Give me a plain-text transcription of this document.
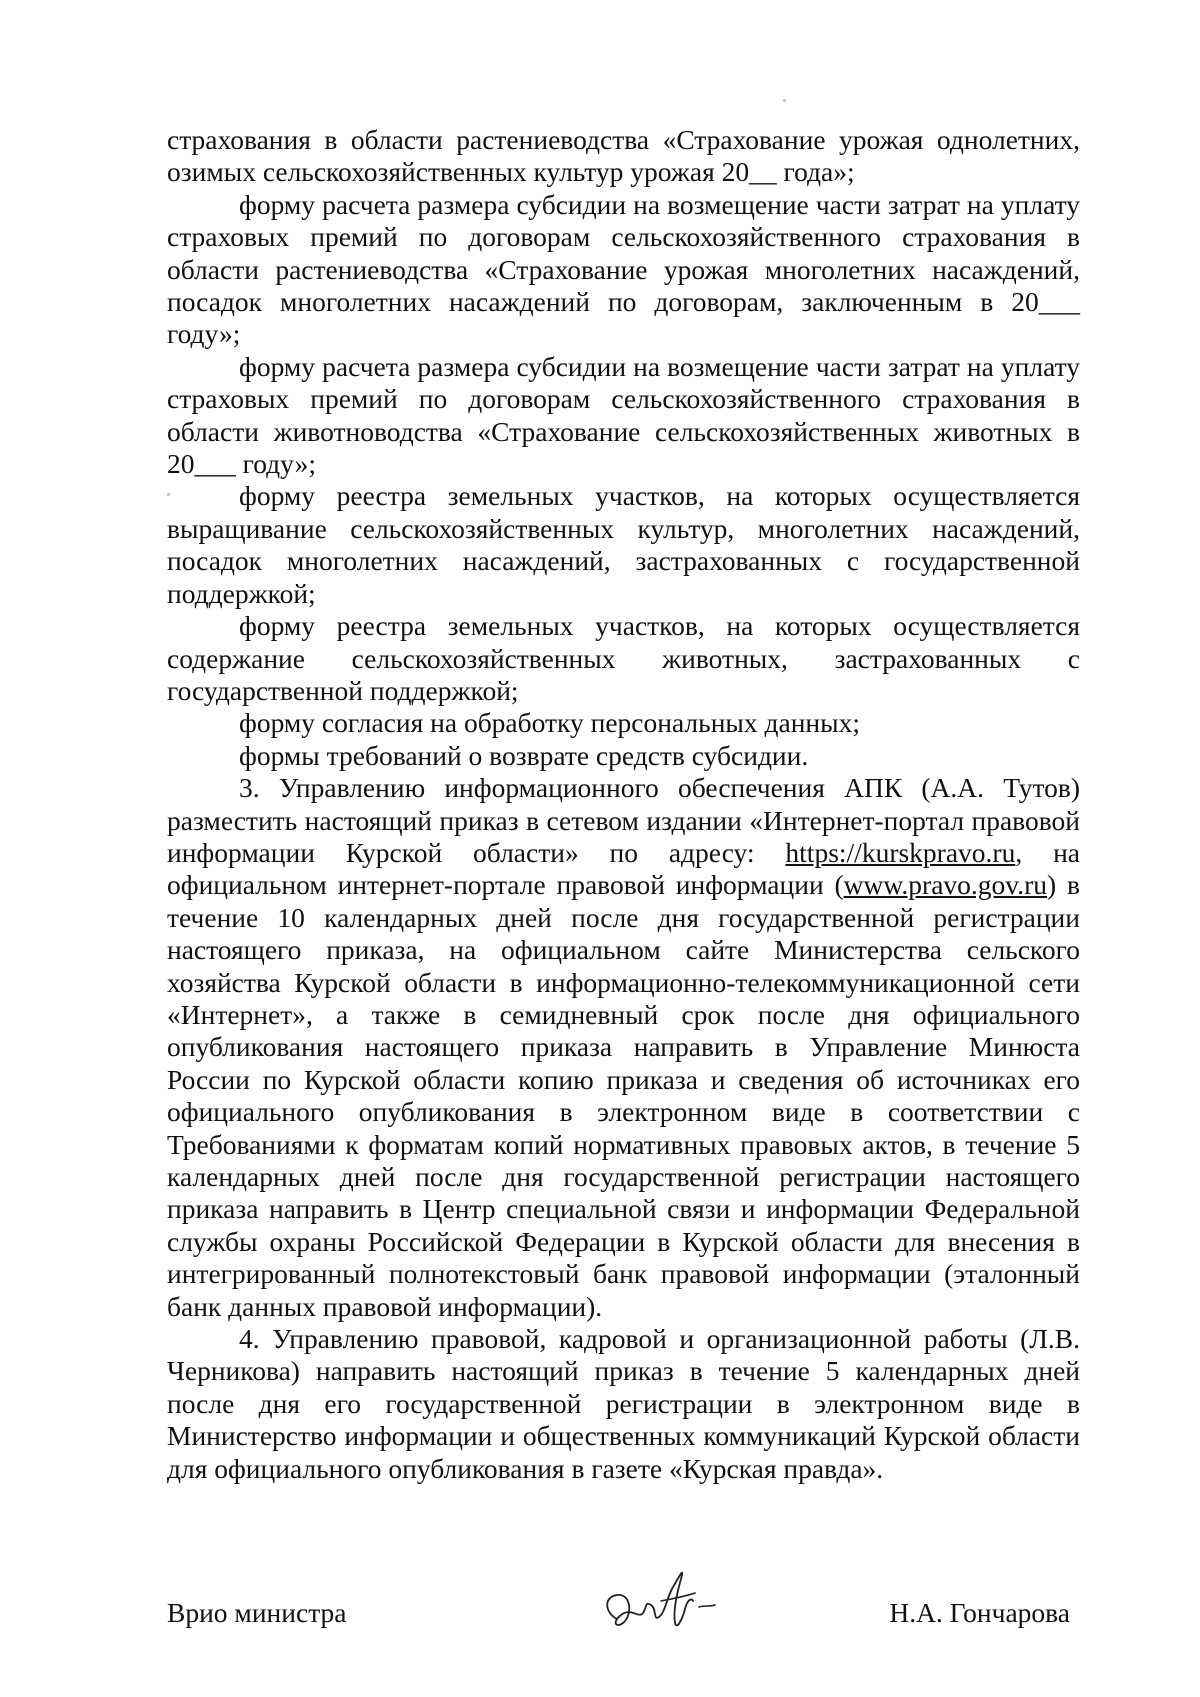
страхования в области растениеводства «Страхование урожая однолетних, озимых сельскохозяйственных культур урожая 20__ года»;

форму расчета размера субсидии на возмещение части затрат на уплату страховых премий по договорам сельскохозяйственного страхования в области растениеводства «Страхование урожая многолетних насаждений, посадок многолетних насаждений по договорам, заключенным в 20___ году»;

форму расчета размера субсидии на возмещение части затрат на уплату страховых премий по договорам сельскохозяйственного страхования в области животноводства «Страхование сельскохозяйственных животных в 20___ году»;

форму реестра земельных участков, на которых осуществляется выращивание сельскохозяйственных культур, многолетних насаждений, посадок многолетних насаждений, застрахованных с государственной поддержкой;

форму реестра земельных участков, на которых осуществляется содержание сельскохозяйственных животных, застрахованных с государственной поддержкой;

форму согласия на обработку персональных данных;

формы требований о возврате средств субсидии.

3. Управлению информационного обеспечения АПК (А.А. Тутов) разместить настоящий приказ в сетевом издании «Интернет-портал правовой информации Курской области» по адресу: https://kurskpravo.ru, на официальном интернет-портале правовой информации (www.pravo.gov.ru) в течение 10 календарных дней после дня государственной регистрации настоящего приказа, на официальном сайте Министерства сельского хозяйства Курской области в информационно-телекоммуникационной сети «Интернет», а также в семидневный срок после дня официального опубликования настоящего приказа направить в Управление Минюста России по Курской области копию приказа и сведения об источниках его официального опубликования в электронном виде в соответствии с Требованиями к форматам копий нормативных правовых актов, в течение 5 календарных дней после дня государственной регистрации настоящего приказа направить в Центр специальной связи и информации Федеральной службы охраны Российской Федерации в Курской области для внесения в интегрированный полнотекстовый банк правовой информации (эталонный банк данных правовой информации).

4. Управлению правовой, кадровой и организационной работы (Л.В. Черникова) направить настоящий приказ в течение 5 календарных дней после дня его государственной регистрации в электронном виде в Министерство информации и общественных коммуникаций Курской области для официального опубликования в газете «Курская правда».

Врио министра	Н.А. Гончарова
